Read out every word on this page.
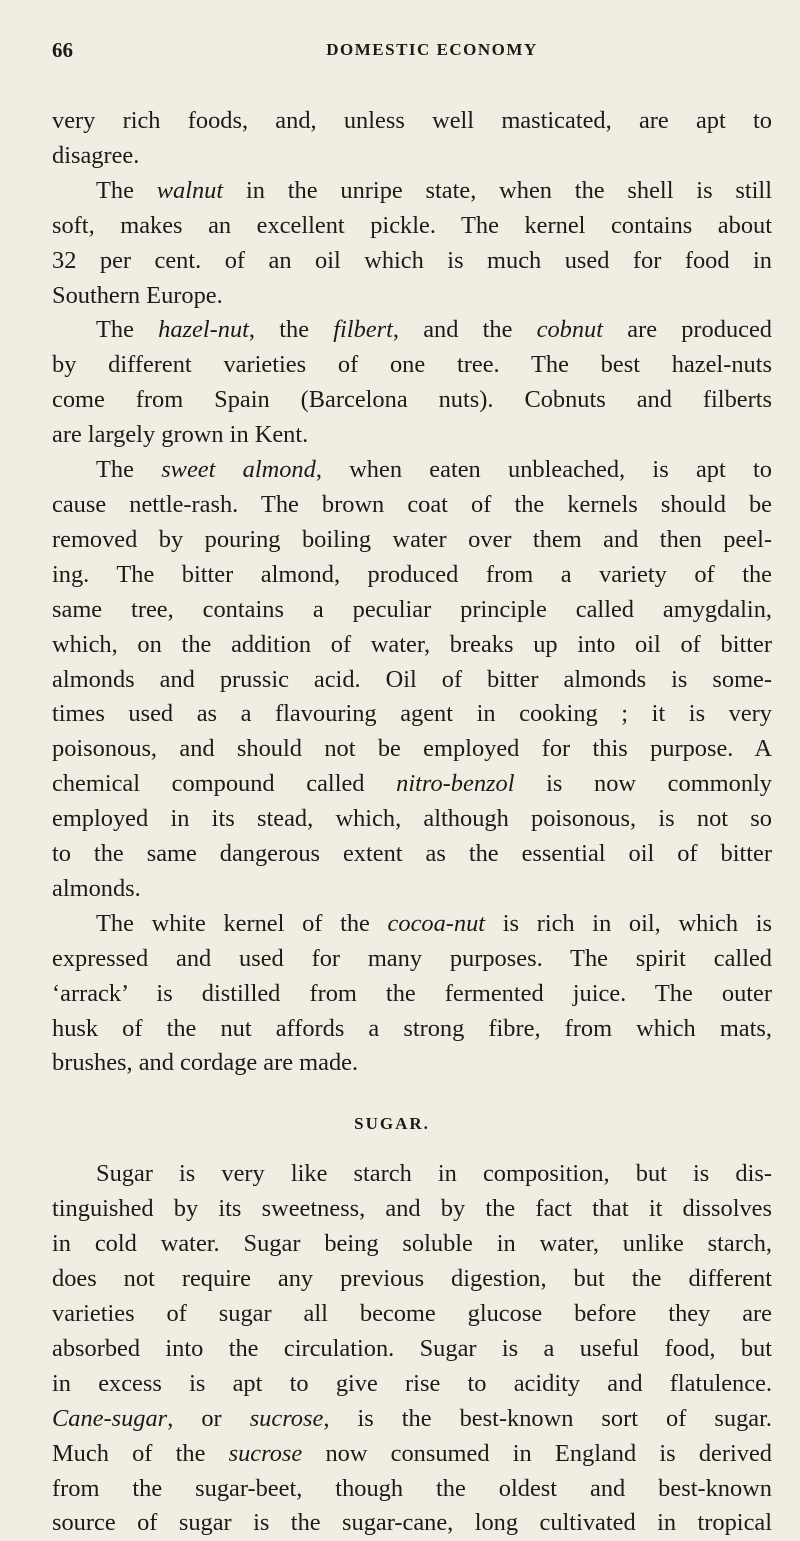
66	DOMESTIC ECONOMY
very rich foods, and, unless well masticated, are apt to
disagree.
The walnut in the unripe state, when the shell is still
soft, makes an excellent pickle. The kernel contains about
32 per cent. of an oil which is much used for food in
Southern Europe.
The hazel-nut, the filbert, and the cobnut are produced
by different varieties of one tree. The best hazel-nuts
come from Spain (Barcelona nuts). Cobnuts and filberts
are largely grown in Kent.
The sweet almond, when eaten unbleached, is apt to
cause nettle-rash. The brown coat of the kernels should be
removed by pouring boiling water over them and then peel-
ing. The bitter almond, produced from a variety of the
same tree, contains a peculiar principle called amygdalin,
which, on the addition of water, breaks up into oil of bitter
almonds and prussic acid. Oil of bitter almonds is some-
times used as a flavouring agent in cooking ; it is very
poisonous, and should not be employed for this purpose. A
chemical compound called nitro-benzol is now commonly
employed in its stead, which, although poisonous, is not so
to the same dangerous extent as the essential oil of bitter
almonds.
The white kernel of the cocoa-nut is rich in oil, which is
expressed and used for many purposes. The spirit called
‘arrack’ is distilled from the fermented juice. The outer
husk of the nut affords a strong fibre, from which mats,
brushes, and cordage are made.
SUGAR.
Sugar is very like starch in composition, but is dis-
tinguished by its sweetness, and by the fact that it dissolves
in cold water. Sugar being soluble in water, unlike starch,
does not require any previous digestion, but the different
varieties of sugar all become glucose before they are
absorbed into the circulation. Sugar is a useful food, but
in excess is apt to give rise to acidity and flatulence.
Cane-sugar, or sucrose, is the best-known sort of sugar.
Much of the sucrose now consumed in England is derived
from the sugar-beet, though the oldest and best-known
source of sugar is the sugar-cane, long cultivated in tropical
